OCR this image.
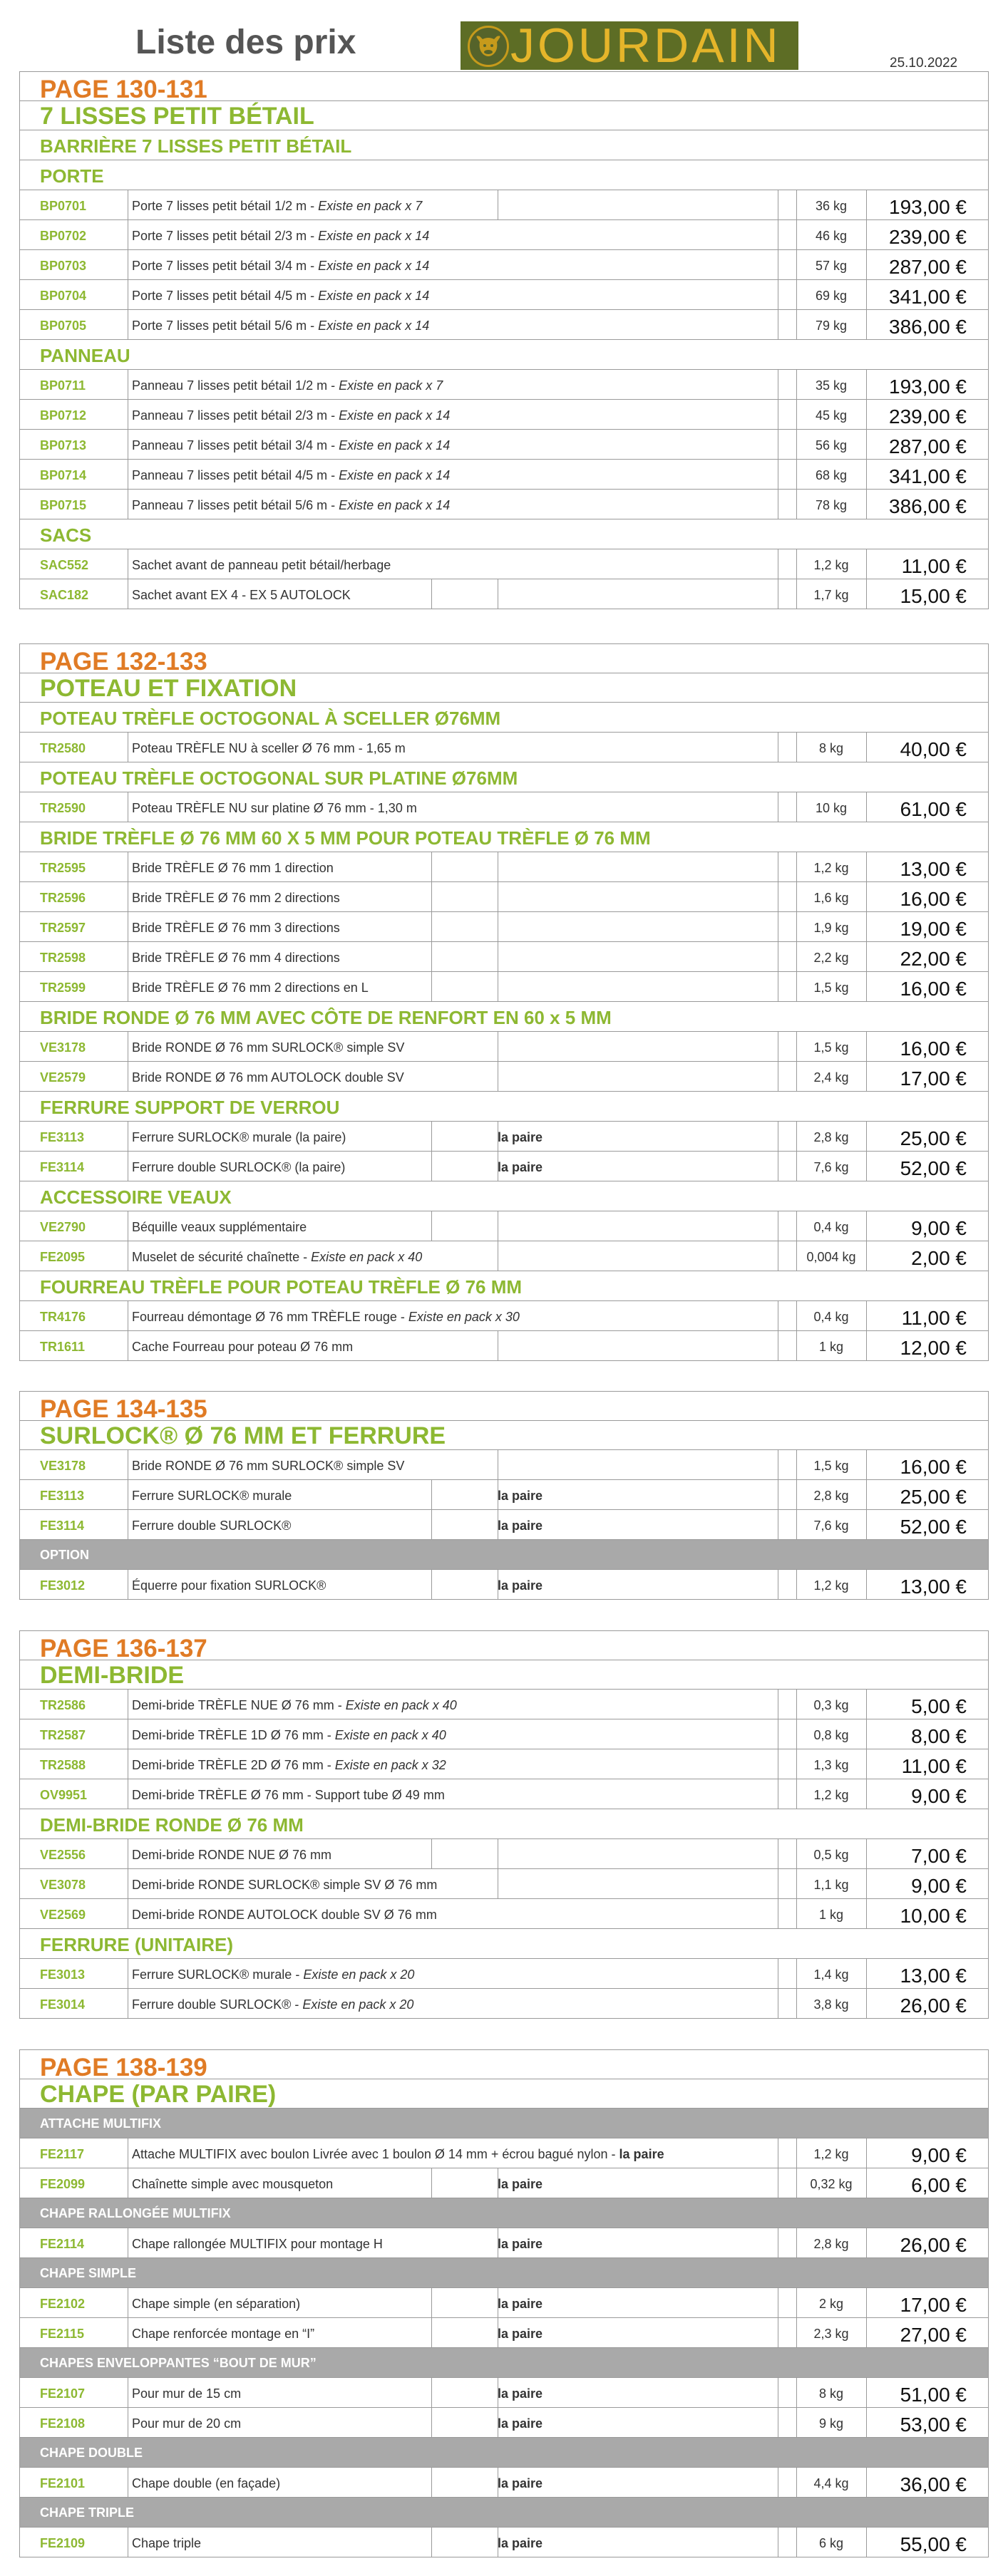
Liste des prix	JOURDAIN	25.10.2022
PAGE 130-131
7 LISSES PETIT BÉTAIL
BARRIÈRE 7 LISSES PETIT BÉTAIL
PORTE
BP0701	Porte 7 lisses petit bétail 1/2 m - Existe en pack x 7	36 kg	193,00 €
BP0702	Porte 7 lisses petit bétail 2/3 m - Existe en pack x 14	46 kg	239,00 €
BP0703	Porte 7 lisses petit bétail 3/4 m - Existe en pack x 14	57 kg	287,00 €
BP0704	Porte 7 lisses petit bétail 4/5 m - Existe en pack x 14	69 kg	341,00 €
BP0705	Porte 7 lisses petit bétail 5/6 m - Existe en pack x 14	79 kg	386,00 €
PANNEAU
BP0711	Panneau 7 lisses petit bétail 1/2 m - Existe en pack x 7	35 kg	193,00 €
BP0712	Panneau 7 lisses petit bétail 2/3 m - Existe en pack x 14	45 kg	239,00 €
BP0713	Panneau 7 lisses petit bétail 3/4 m - Existe en pack x 14	56 kg	287,00 €
BP0714	Panneau 7 lisses petit bétail 4/5 m - Existe en pack x 14	68 kg	341,00 €
BP0715	Panneau 7 lisses petit bétail 5/6 m - Existe en pack x 14	78 kg	386,00 €
SACS
SAC552	Sachet avant de panneau petit bétail/herbage	1,2 kg	11,00 €
SAC182	Sachet avant EX 4 - EX 5 AUTOLOCK	1,7 kg	15,00 €
PAGE 132-133
POTEAU ET FIXATION
POTEAU TRÈFLE OCTOGONAL À SCELLER Ø76MM
TR2580	Poteau TRÈFLE NU à sceller Ø 76 mm - 1,65 m	8 kg	40,00 €
POTEAU TRÈFLE OCTOGONAL SUR PLATINE Ø76MM
TR2590	Poteau TRÈFLE NU sur platine Ø 76 mm - 1,30 m	10 kg	61,00 €
BRIDE TRÈFLE Ø 76 MM 60 X 5 MM POUR POTEAU TRÈFLE Ø 76 MM
TR2595	Bride TRÈFLE Ø 76 mm 1 direction	1,2 kg	13,00 €
TR2596	Bride TRÈFLE Ø 76 mm 2 directions	1,6 kg	16,00 €
TR2597	Bride TRÈFLE Ø 76 mm 3 directions	1,9 kg	19,00 €
TR2598	Bride TRÈFLE Ø 76 mm 4 directions	2,2 kg	22,00 €
TR2599	Bride TRÈFLE Ø 76 mm 2 directions en L	1,5 kg	16,00 €
BRIDE RONDE Ø 76 MM AVEC CÔTE DE RENFORT EN 60 x 5 MM
VE3178	Bride RONDE Ø 76 mm SURLOCK® simple SV	1,5 kg	16,00 €
VE2579	Bride RONDE Ø 76 mm AUTOLOCK double SV	2,4 kg	17,00 €
FERRURE SUPPORT DE VERROU
FE3113	Ferrure SURLOCK® murale (la paire)	la paire	2,8 kg	25,00 €
FE3114	Ferrure double SURLOCK® (la paire)	la paire	7,6 kg	52,00 €
ACCESSOIRE VEAUX
VE2790	Béquille veaux supplémentaire	0,4 kg	9,00 €
FE2095	Muselet de sécurité chaînette - Existe en pack x 40	0,004 kg	2,00 €
FOURREAU TRÈFLE POUR POTEAU TRÈFLE Ø 76 MM
TR4176	Fourreau démontage Ø 76 mm TRÈFLE rouge - Existe en pack x 30	0,4 kg	11,00 €
TR1611	Cache Fourreau pour poteau Ø 76 mm	1 kg	12,00 €
PAGE 134-135
SURLOCK® Ø 76 MM ET FERRURE
VE3178	Bride RONDE Ø 76 mm SURLOCK® simple SV	1,5 kg	16,00 €
FE3113	Ferrure SURLOCK® murale	la paire	2,8 kg	25,00 €
FE3114	Ferrure double SURLOCK®	la paire	7,6 kg	52,00 €
OPTION
FE3012	Équerre pour fixation SURLOCK®	la paire	1,2 kg	13,00 €
PAGE 136-137
DEMI-BRIDE
TR2586	Demi-bride TRÈFLE NUE Ø 76 mm - Existe en pack x 40	0,3 kg	5,00 €
TR2587	Demi-bride TRÈFLE 1D Ø 76 mm - Existe en pack x 40	0,8 kg	8,00 €
TR2588	Demi-bride TRÈFLE 2D Ø 76 mm - Existe en pack x 32	1,3 kg	11,00 €
OV9951	Demi-bride TRÈFLE Ø 76 mm - Support tube Ø 49 mm	1,2 kg	9,00 €
DEMI-BRIDE RONDE Ø 76 MM
VE2556	Demi-bride RONDE NUE Ø 76 mm	0,5 kg	7,00 €
VE3078	Demi-bride RONDE SURLOCK® simple SV Ø 76 mm	1,1 kg	9,00 €
VE2569	Demi-bride RONDE AUTOLOCK double SV Ø 76 mm	1 kg	10,00 €
FERRURE (UNITAIRE)
FE3013	Ferrure SURLOCK® murale - Existe en pack x 20	1,4 kg	13,00 €
FE3014	Ferrure double SURLOCK® - Existe en pack x 20	3,8 kg	26,00 €
PAGE 138-139
CHAPE (PAR PAIRE)
ATTACHE MULTIFIX
FE2117	Attache MULTIFIX avec boulon Livrée avec 1 boulon Ø 14 mm + écrou bagué nylon - la paire	1,2 kg	9,00 €
FE2099	Chaînette simple avec mousqueton	la paire	0,32 kg	6,00 €
CHAPE RALLONGÉE MULTIFIX
FE2114	Chape rallongée MULTIFIX pour montage H	la paire	2,8 kg	26,00 €
CHAPE SIMPLE
FE2102	Chape simple (en séparation)	la paire	2 kg	17,00 €
FE2115	Chape renforcée montage en “I”	la paire	2,3 kg	27,00 €
CHAPES ENVELOPPANTES “BOUT DE MUR”
FE2107	Pour mur de 15 cm	la paire	8 kg	51,00 €
FE2108	Pour mur de 20 cm	la paire	9 kg	53,00 €
CHAPE DOUBLE
FE2101	Chape double (en façade)	la paire	4,4 kg	36,00 €
CHAPE TRIPLE
FE2109	Chape triple	la paire	6 kg	55,00 €
